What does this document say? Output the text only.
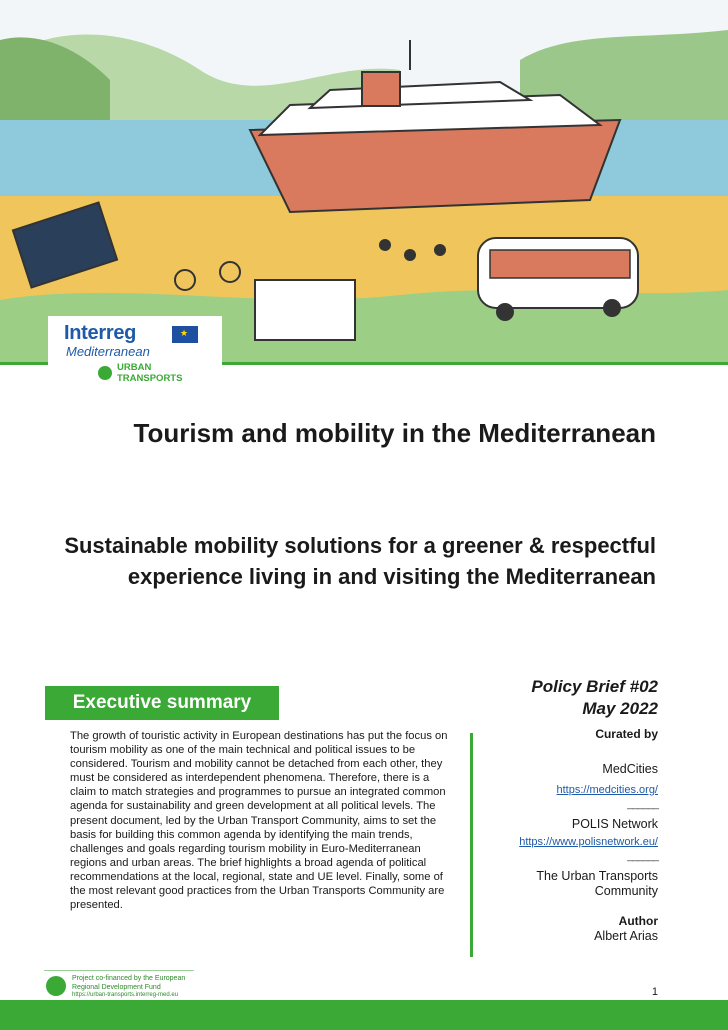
Interreg
★
Mediterranean
URBAN
TRANSPORTS
Tourism and mobility in the Mediterranean
Sustainable mobility solutions for a greener & respectful experience living in and visiting the Mediterranean
Executive summary

The growth of touristic activity in European destinations has put the focus on tourism mobility as one of the main technical and political issues to be considered. Tourism and mobility cannot be detached from each other, they must be considered as interdependent phenomena. Therefore, there is a claim to match strategies and programmes to pursue an integrated common agenda for sustainability and green development at all political levels. The present document, led by the Urban Transport Community, aims to set the basis for building this common agenda by identifying the main trends, challenges and goals regarding tourism mobility in Euro-Mediterranean regions and urban areas. The brief highlights a broad agenda of political recommendations at the local, regional, state and UE level. Finally, some of the most relevant good practices from the Urban Transports Community are presented.

Policy Brief #02
May 2022
Curated by
MedCities
https://medcities.org/
______
POLIS Network
https://www.polisnetwork.eu/
______
The Urban Transports Community
Author
Albert Arias
Project co-financed by the European Regional Development Fund
https://urban-transports.interreg-med.eu	1
